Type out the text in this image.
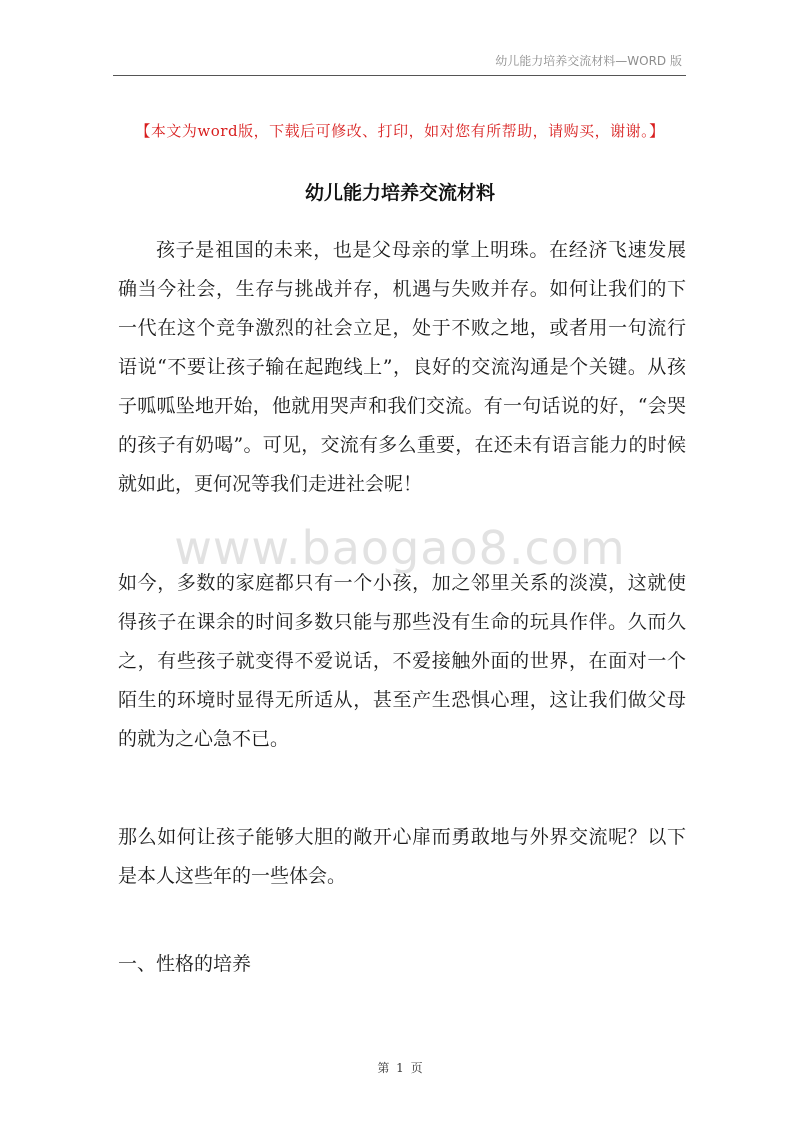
幼儿能力培养交流材料—WORD 版
【本文为word版，下载后可修改、打印，如对您有所帮助，请购买，谢谢。】
幼儿能力培养交流材料

孩子是祖国的未来，也是父母亲的掌上明珠。在经济飞速发展确当今社会，生存与挑战并存，机遇与失败并存。如何让我们的下一代在这个竞争激烈的社会立足，处于不败之地，或者用一句流行语说“不要让孩子输在起跑线上”，良好的交流沟通是个关键。从孩子呱呱坠地开始，他就用哭声和我们交流。有一句话说的好，“会哭的孩子有奶喝”。可见，交流有多么重要，在还未有语言能力的时候就如此，更何况等我们走进社会呢！

www.baogao8.com

如今，多数的家庭都只有一个小孩，加之邻里关系的淡漠，这就使得孩子在课余的时间多数只能与那些没有生命的玩具作伴。久而久之，有些孩子就变得不爱说话，不爱接触外面的世界，在面对一个陌生的环境时显得无所适从，甚至产生恐惧心理，这让我们做父母的就为之心急不已。

那么如何让孩子能够大胆的敞开心扉而勇敢地与外界交流呢？以下是本人这些年的一些体会。

一、性格的培养
第 1 页
